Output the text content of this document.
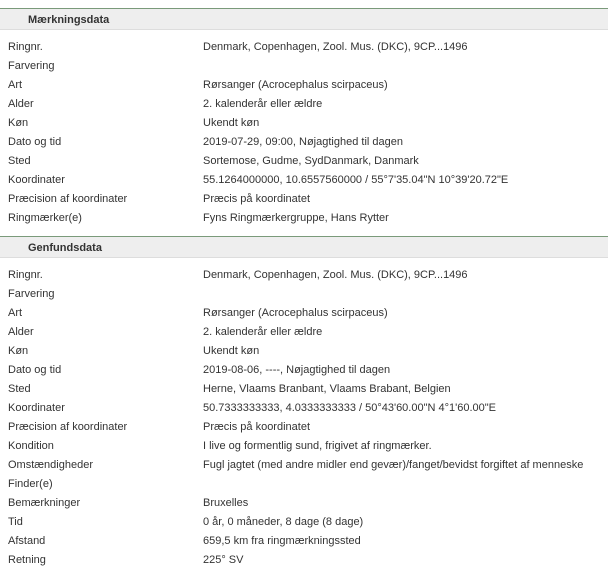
Mærkningsdata
Ringnr.	Denmark, Copenhagen, Zool. Mus. (DKC), 9CP...1496
Farvering
Art	Rørsanger (Acrocephalus scirpaceus)
Alder	2. kalenderår eller ældre
Køn	Ukendt køn
Dato og tid	2019-07-29, 09:00, Nøjagtighed til dagen
Sted	Sortemose, Gudme, SydDanmark, Danmark
Koordinater	55.1264000000, 10.6557560000 / 55°7'35.04"N 10°39'20.72"E
Præcision af koordinater	Præcis på koordinatet
Ringmærker(e)	Fyns Ringmærkergruppe, Hans Rytter
Genfundsdata
Ringnr.	Denmark, Copenhagen, Zool. Mus. (DKC), 9CP...1496
Farvering
Art	Rørsanger (Acrocephalus scirpaceus)
Alder	2. kalenderår eller ældre
Køn	Ukendt køn
Dato og tid	2019-08-06, ----, Nøjagtighed til dagen
Sted	Herne, Vlaams Branbant, Vlaams Brabant, Belgien
Koordinater	50.7333333333, 4.0333333333 / 50°43'60.00"N 4°1'60.00"E
Præcision af koordinater	Præcis på koordinatet
Kondition	I live og formentlig sund, frigivet af ringmærker.
Omstændigheder	Fugl jagtet (med andre midler end gevær)/fanget/bevidst forgiftet af menneske
Finder(e)
Bemærkninger	Bruxelles
Tid	0 år, 0 måneder, 8 dage (8 dage)
Afstand	659,5 km fra ringmærkningssted
Retning	225° SV
